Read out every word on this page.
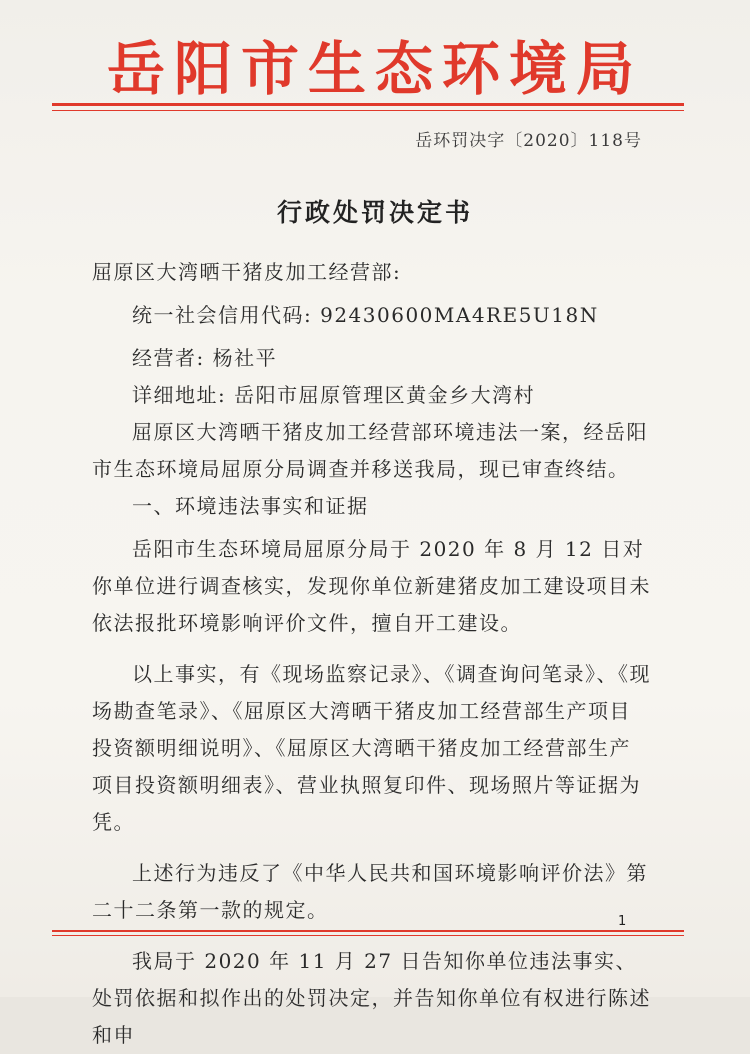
岳阳市生态环境局
岳环罚决字〔2020〕118号
行政处罚决定书

屈原区大湾晒干猪皮加工经营部:

统一社会信用代码: 92430600MA4RE5U18N

经营者: 杨社平

详细地址: 岳阳市屈原管理区黄金乡大湾村

屈原区大湾晒干猪皮加工经营部环境违法一案，经岳阳市生态环境局屈原分局调查并移送我局，现已审查终结。

一、环境违法事实和证据

岳阳市生态环境局屈原分局于 2020 年 8 月 12 日对你单位进行调查核实，发现你单位新建猪皮加工建设项目未依法报批环境影响评价文件，擅自开工建设。

以上事实，有《现场监察记录》、《调查询问笔录》、《现场勘查笔录》、《屈原区大湾晒干猪皮加工经营部生产项目投资额明细说明》、《屈原区大湾晒干猪皮加工经营部生产项目投资额明细表》、营业执照复印件、现场照片等证据为凭。

上述行为违反了《中华人民共和国环境影响评价法》第二十二条第一款的规定。

我局于 2020 年 11 月 27 日告知你单位违法事实、处罚依据和拟作出的处罚决定，并告知你单位有权进行陈述和申

1
